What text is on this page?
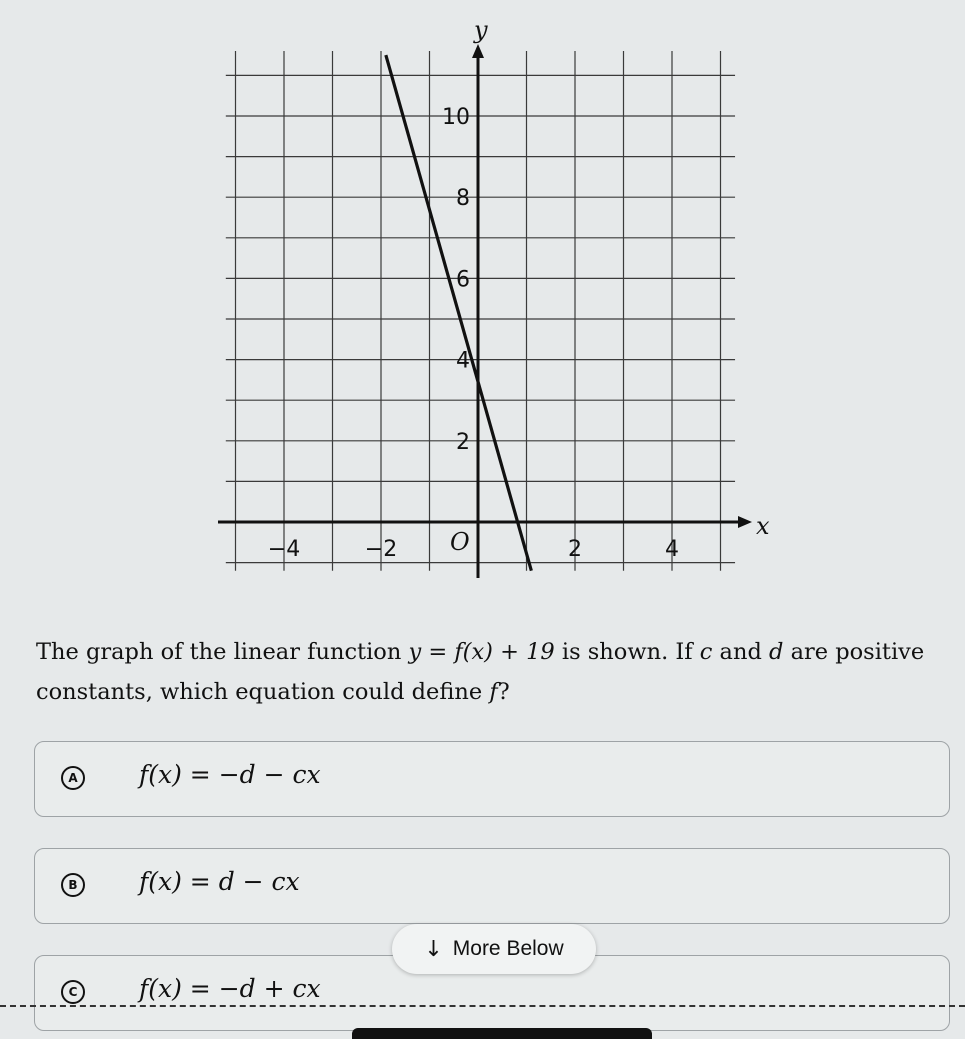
x
y
O
−4	−2	2	4
2
4
6
8
10
The graph of the linear function y = f(x) + 19 is shown. If c and d are positive constants, which equation could define f?
A f(x) = −d − cx
B f(x) = d − cx
C	f(x) = −d + cx
↓ More Below
